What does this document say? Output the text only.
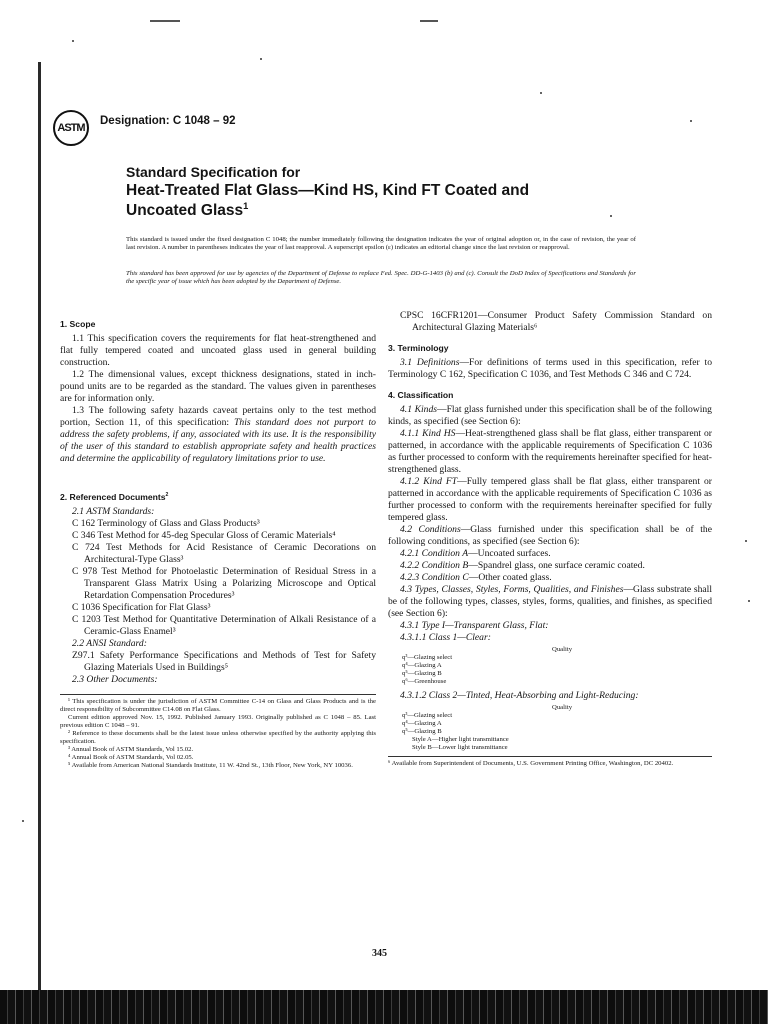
ASTM
Designation: C 1048 – 92
Standard Specification for
Heat-Treated Flat Glass—Kind HS, Kind FT Coated and
Uncoated Glass$^1$
This standard is issued under the fixed designation C 1048; the number immediately following the designation indicates the year of original adoption or, in the case of revision, the year of last revision. A number in parentheses indicates the year of last reapproval. A superscript epsilon (ε) indicates an editorial change since the last revision or reapproval.
This standard has been approved for use by agencies of the Department of Defense to replace Fed. Spec. DD-G-1403 (b) and (c). Consult the DoD Index of Specifications and Standards for the specific year of issue which has been adopted by the Department of Defense.

1. Scope

1.1 This specification covers the requirements for flat heat-strengthened and flat fully tempered coated and uncoated glass used in general building construction.

1.2 The dimensional values, except thickness designations, stated in inch-pound units are to be regarded as the standard. The values given in parentheses are for information only.

1.3 The following safety hazards caveat pertains only to the test method portion, Section 11, of this specification: This standard does not purport to address the safety problems, if any, associated with its use. It is the responsibility of the user of this standard to establish appropriate safety and health practices and determine the applicability of regulatory limitations prior to use.

2. Referenced Documents$^2$

2.1 ASTM Standards:

C 162 Terminology of Glass and Glass Products³

C 346 Test Method for 45-deg Specular Gloss of Ceramic Materials⁴

C 724 Test Methods for Acid Resistance of Ceramic Decorations on Architectural-Type Glass³

C 978 Test Method for Photoelastic Determination of Residual Stress in a Transparent Glass Matrix Using a Polarizing Microscope and Optical Retardation Compensation Procedures³

C 1036 Specification for Flat Glass³

C 1203 Test Method for Quantitative Determination of Alkali Resistance of a Ceramic-Glass Enamel³

2.2 ANSI Standard:

Z97.1 Safety Performance Specifications and Methods of Test for Safety Glazing Materials Used in Buildings⁵

2.3 Other Documents:

¹ This specification is under the jurisdiction of ASTM Committee C-14 on Glass and Glass Products and is the direct responsibility of Subcommittee C14.08 on Flat Glass.

Current edition approved Nov. 15, 1992. Published January 1993. Originally published as C 1048 – 85. Last previous edition C 1048 – 91.

² Reference to these documents shall be the latest issue unless otherwise specified by the authority applying this specification.

³ Annual Book of ASTM Standards, Vol 15.02.

⁴ Annual Book of ASTM Standards, Vol 02.05.

⁵ Available from American National Standards Institute, 11 W. 42nd St., 13th Floor, New York, NY 10036.

CPSC 16CFR1201—Consumer Product Safety Commission Standard on Architectural Glazing Materials⁶

3. Terminology

3.1 Definitions—For definitions of terms used in this specification, refer to Terminology C 162, Specification C 1036, and Test Methods C 346 and C 724.

4. Classification

4.1 Kinds—Flat glass furnished under this specification shall be of the following kinds, as specified (see Section 6):

4.1.1 Kind HS—Heat-strengthened glass shall be flat glass, either transparent or patterned, in accordance with the applicable requirements of Specification C 1036 as further processed to conform with the requirements hereinafter specified for heat-strengthened glass.

4.1.2 Kind FT—Fully tempered glass shall be flat glass, either transparent or patterned in accordance with the applicable requirements of Specification C 1036 as further processed to conform with the requirements hereinafter specified for fully tempered glass.

4.2 Conditions—Glass furnished under this specification shall be of the following conditions, as specified (see Section 6):

4.2.1 Condition A—Uncoated surfaces.

4.2.2 Condition B—Spandrel glass, one surface ceramic coated.

4.2.3 Condition C—Other coated glass.

4.3 Types, Classes, Styles, Forms, Qualities, and Finishes—Glass substrate shall be of the following types, classes, styles, forms, qualities, and finishes, as specified (see Section 6):

4.3.1 Type I—Transparent Glass, Flat:

4.3.1.1 Class 1—Clear:

Quality
q³—Glazing select
q⁴—Glazing A
q⁵—Glazing B
q⁶—Greenhouse

4.3.1.2 Class 2—Tinted, Heat-Absorbing and Light-Reducing:

Quality
q³—Glazing select
q⁴—Glazing A
q⁵—Glazing B
Style A—Higher light transmittance
Style B—Lower light transmittance

⁶ Available from Superintendent of Documents, U.S. Government Printing Office, Washington, DC 20402.

345
